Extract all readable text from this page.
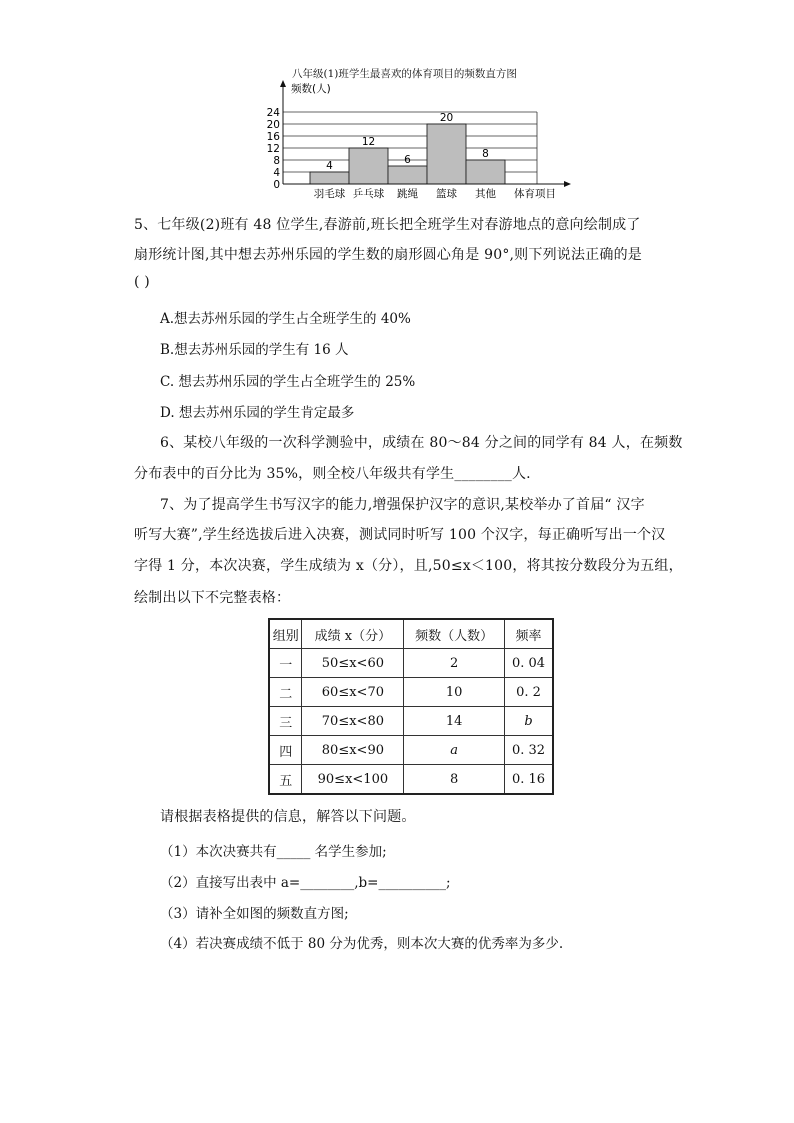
八年级(1)班学生最喜欢的体育项目的频数直方图
4
12
6
20
8
0
4
8
12
16
20
24
羽毛球 乒乓球 跳绳 篮球 其他
频数(人)
体育项目
5、七年级(2)班有 48 位学生,春游前,班长把全班学生对春游地点的意向绘制成了
扇形统计图,其中想去苏州乐园的学生数的扇形圆心角是 90°,则下列说法正确的是
( )
A.想去苏州乐园的学生占全班学生的 40%
B.想去苏州乐园的学生有 16 人
C. 想去苏州乐园的学生占全班学生的 25%
D. 想去苏州乐园的学生肯定最多
6、某校八年级的一次科学测验中，成绩在 80～84 分之间的同学有 84 人，在频数
分布表中的百分比为 35%，则全校八年级共有学生________人.
7、为了提高学生书写汉字的能力,增强保护汉字的意识,某校举办了首届“ 汉字
听写大赛”,学生经选拔后进入决赛，测试同时听写 100 个汉字，每正确听写出一个汉
字得 1 分，本次决赛，学生成绩为 x（分），且,50≤x＜100，将其按分数段分为五组，
绘制出以下不完整表格：
组别	成绩 x（分）	频数（人数）	频率
一	50≤x<60	2	0. 04
二	60≤x<70	10	0. 2
三	70≤x<80	14	b
四	80≤x<90	a	0. 32
五	90≤x<100	8	0. 16
请根据表格提供的信息，解答以下问题。
（1）本次决赛共有_____ 名学生参加;
（2）直接写出表中 a=________,b=__________;
（3）请补全如图的频数直方图;
（4）若决赛成绩不低于 80 分为优秀，则本次大赛的优秀率为多少.
